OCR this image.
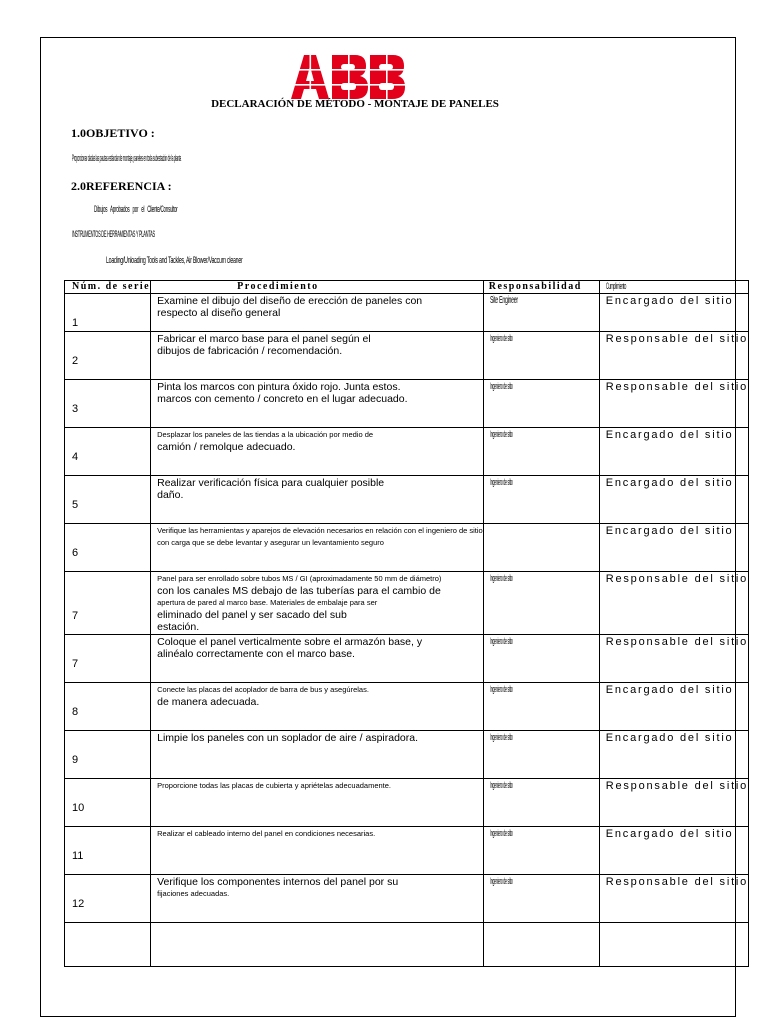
DECLARACIÓN DE MÉTODO - MONTAJE DE PANELES
1.0OBJETIVO :
Proporcionar dadas las pautas estándar de montaje, paneles en toda subestación de la planta
2.0REFERENCIA :
Dibujos Aprobados por el Cliente/Consultor
INSTRUMENTOS DE HERRAMIENTAS Y PLANTAS
Loading/Unloading Tools and Tackles, Air Blower/Vaccum cleaner
Núm. de serie	Procedimiento	Responsabilidad	Cumplimiento

1	Examine el dibujo del diseño de erección de paneles con
respecto al diseño general	Site Engineer	Encargado del sitio

2	Fabricar el marco base para el panel según el
dibujos de fabricación / recomendación.	Ingeniero de sitio	Responsable del sitio

3	Pinta los marcos con pintura óxido rojo. Junta estos.
marcos con cemento / concreto en el lugar adecuado.	Ingeniero de sitio	Responsable del sitio

4	Desplazar los paneles de las tiendas a la ubicación por medio de
camión / remolque adecuado.	Ingeniero de sitio	Encargado del sitio

5	Realizar verificación física para cualquier posible
daño.	Ingeniero de sitio	Encargado del sitio

6	Verifique las herramientas y aparejos de elevación necesarios en relación con el ingeniero de sitio
con carga que se debe levantar y asegurar un levantamiento seguro		Encargado del sitio

7	Panel para ser enrollado sobre tubos MS / GI (aproximadamente 50 mm de diámetro)
con los canales MS debajo de las tuberías para el cambio de
apertura de pared al marco base. Materiales de embalaje para ser
eliminado del panel y ser sacado del sub
estación.	Ingeniero de sitio	Responsable del sitio

7	Coloque el panel verticalmente sobre el armazón base, y
alinéalo correctamente con el marco base.	Ingeniero de sitio	Responsable del sitio

8	Conecte las placas del acoplador de barra de bus y asegúrelas.
de manera adecuada.	Ingeniero de sitio	Encargado del sitio

9	Limpie los paneles con un soplador de aire / aspiradora.	Ingeniero de sitio	Encargado del sitio

10	Proporcione todas las placas de cubierta y apriételas adecuadamente.	Ingeniero de sitio	Responsable del sitio

11	Realizar el cableado interno del panel en condiciones necesarias.	Ingeniero de sitio	Encargado del sitio

12	Verifique los componentes internos del panel por su
fijaciones adecuadas.	Ingeniero de sitio	Responsable del sitio
